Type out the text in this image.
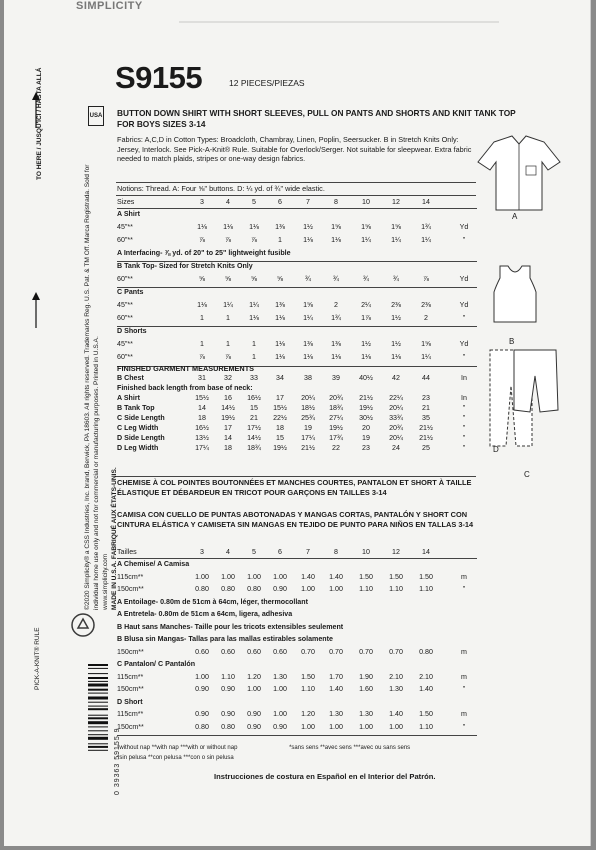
SIMPLICITY
TO HERE / JUSQU'ICI / HASTA ALLÁ
PICK-A-KNIT® RULE
USA
©2020 Simplicity® a CSS Industries, Inc. brand, Berwick, PA 18603. All rights reserved. Trademarks Reg. U.S. Pat. & TM Off. Marca Registrada. Sold for individual home use only and not for commercial or manufacturing purposes. Printed in U.S.A. www.simplicity.com MADE IN U.S.A. FABRIQUÉ AUX ÉTATS-UNIS.
0 39363 59155 9
S9155	12 PIECES/PIEZAS
BUTTON DOWN SHIRT WITH SHORT SLEEVES, PULL ON PANTS AND SHORTS AND KNIT TANK TOP FOR BOYS SIZES 3-14
Fabrics: A,C,D in Cotton Types: Broadcloth, Chambray, Linen, Poplin, Seersucker. B in Stretch Knits Only: Jersey, Interlock. See Pick-A-Knit® Rule. Suitable for Overlock/Serger. Not suitable for sleepwear. Extra fabric needed to match plaids, stripes or one-way design fabrics.
Notions: Thread. A: Four ⅝" buttons. D: ¼ yd. of ¾" wide elastic.
Sizes	3	4	5	6	7	8	10	12	14
A Shirt
45"**	1⅛	1⅛	1⅛	1⅜	1½	1⅝	1⅝	1⅝	1¾	Yd
60"**	⅞	⅞	⅞	1	1⅛	1⅛	1¼	1¼	1¼	"
A Interfacing- ⅞ yd. of 20" to 25" lightweight fusible
B Tank Top- Sized for Stretch Knits Only
60"**	⅝	⅝	⅝	⅝	¾	¾	¾	¾	⅞	Yd
C Pants
45"**	1⅛	1¼	1¼	1⅜	1⅝	2	2¼	2⅜	2⅜	Yd
60"**	1	1	1⅛	1⅛	1¼	1¾	1⅞	1½	2	"
D Shorts
45"**	1	1	1	1⅛	1⅜	1⅜	1½	1½	1⅝	Yd
60"**	⅞	⅞	1	1⅛	1⅛	1⅛	1⅛	1⅛	1¼	"
FINISHED GARMENT MEASUREMENTS
B Chest	31	32	33	34	38	39	40½	42	44	In
Finished back length from base of neck:
A Shirt	15½	16	16½	17	20¼	20¾	21½	22¼	23	In
B Tank Top	14	14½	15	15½	18½	18¾	19½	20¼	21	"
C Side Length	18	19½	21	22½	25¾	27¼	30½	33¾	35	"
C Leg Width	16½	17	17½	18	19	19½	20	20¾	21½	"
D Side Length	13½	14	14½	15	17¼	17¾	19	20¼	21½	"
D Leg Width	17¼	18	18¾	19½	21½	22	23	24	25	"
CHEMISE À COL POINTES BOUTONNÉES ET MANCHES COURTES, PANTALON ET SHORT À TAILLE ÉLASTIQUE ET DÉBARDEUR EN TRICOT POUR GARÇONS EN TAILLES 3-14
CAMISA CON CUELLO DE PUNTAS ABOTONADAS Y MANGAS CORTAS, PANTALÓN Y SHORT CON CINTURA ELÁSTICA Y CAMISETA SIN MANGAS EN TEJIDO DE PUNTO PARA NIÑOS EN TALLAS 3-14
Tailles	3	4	5	6	7	8	10	12	14
A Chemise/ A Camisa
115cm**	1.00	1.00	1.00	1.00	1.40	1.40	1.50	1.50	1.50	m
150cm**	0.80	0.80	0.80	0.90	1.00	1.00	1.10	1.10	1.10	"
A Entoilage- 0.80m de 51cm à 64cm, léger, thermocollant
A Entretela- 0.80m de 51cm a 64cm, ligera, adhesiva
B Haut sans Manches- Taille pour les tricots extensibles seulement
B Blusa sin Mangas- Tallas para las mallas estirables solamente
150cm**	0.60	0.60	0.60	0.60	0.70	0.70	0.70	0.70	0.80	m
C Pantalon/ C Pantalón
115cm**	1.00	1.10	1.20	1.30	1.50	1.70	1.90	2.10	2.10	m
150cm**	0.90	0.90	1.00	1.00	1.10	1.40	1.60	1.30	1.40	"
D Short
115cm**	0.90	0.90	0.90	1.00	1.20	1.30	1.30	1.40	1.50	m
150cm**	0.80	0.80	0.90	0.90	1.00	1.00	1.00	1.00	1.10	"
*without nap **with nap ***with or without nap	*sans sens **avec sens ***avec ou sans sens
*sin pelusa **con pelusa ***con o sin pelusa
Instrucciones de costura en Español en el Interior del Patrón.
A
B
D
C
